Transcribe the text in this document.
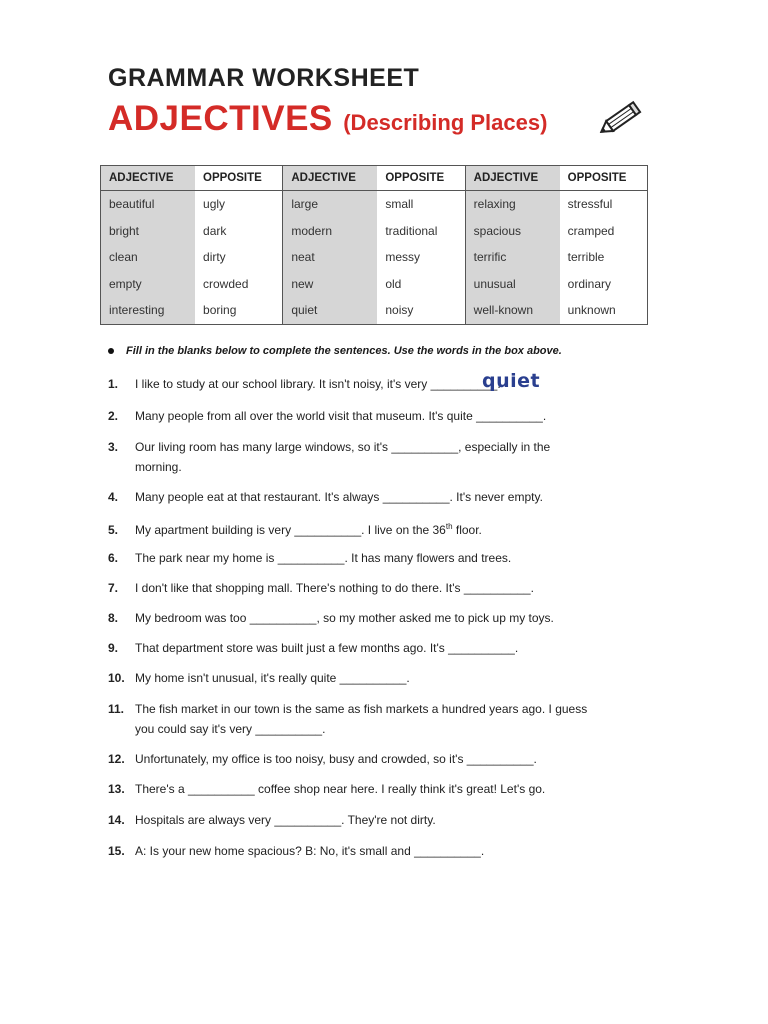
GRAMMAR WORKSHEET
ADJECTIVES (Describing Places)
ADJECTIVE	OPPOSITE	ADJECTIVE	OPPOSITE	ADJECTIVE	OPPOSITE
beautiful	ugly	large	small	relaxing	stressful
bright	dark	modern	traditional	spacious	cramped
clean	dirty	neat	messy	terrific	terrible
empty	crowded	new	old	unusual	ordinary
interesting	boring	quiet	noisy	well-known	unknown
Fill in the blanks below to complete the sentences. Use the words in the box above.
1. I like to study at our school library. It isn't noisy, it's very __________.
quiet
2. Many people from all over the world visit that museum. It's quite __________.
3. Our living room has many large windows, so it's __________, especially in the
morning.
4. Many people eat at that restaurant. It's always __________. It's never empty.
5. My apartment building is very __________. I live on the 36th floor.
6. The park near my home is __________. It has many flowers and trees.
7. I don't like that shopping mall. There's nothing to do there. It's __________.
8. My bedroom was too __________, so my mother asked me to pick up my toys.
9. That department store was built just a few months ago. It's __________.
10. My home isn't unusual, it's really quite __________.
11. The fish market in our town is the same as fish markets a hundred years ago. I guess
you could say it's very __________.
12. Unfortunately, my office is too noisy, busy and crowded, so it's __________.
13. There's a __________ coffee shop near here. I really think it's great! Let's go.
14. Hospitals are always very __________. They're not dirty.
15. A: Is your new home spacious? B: No, it's small and __________.
